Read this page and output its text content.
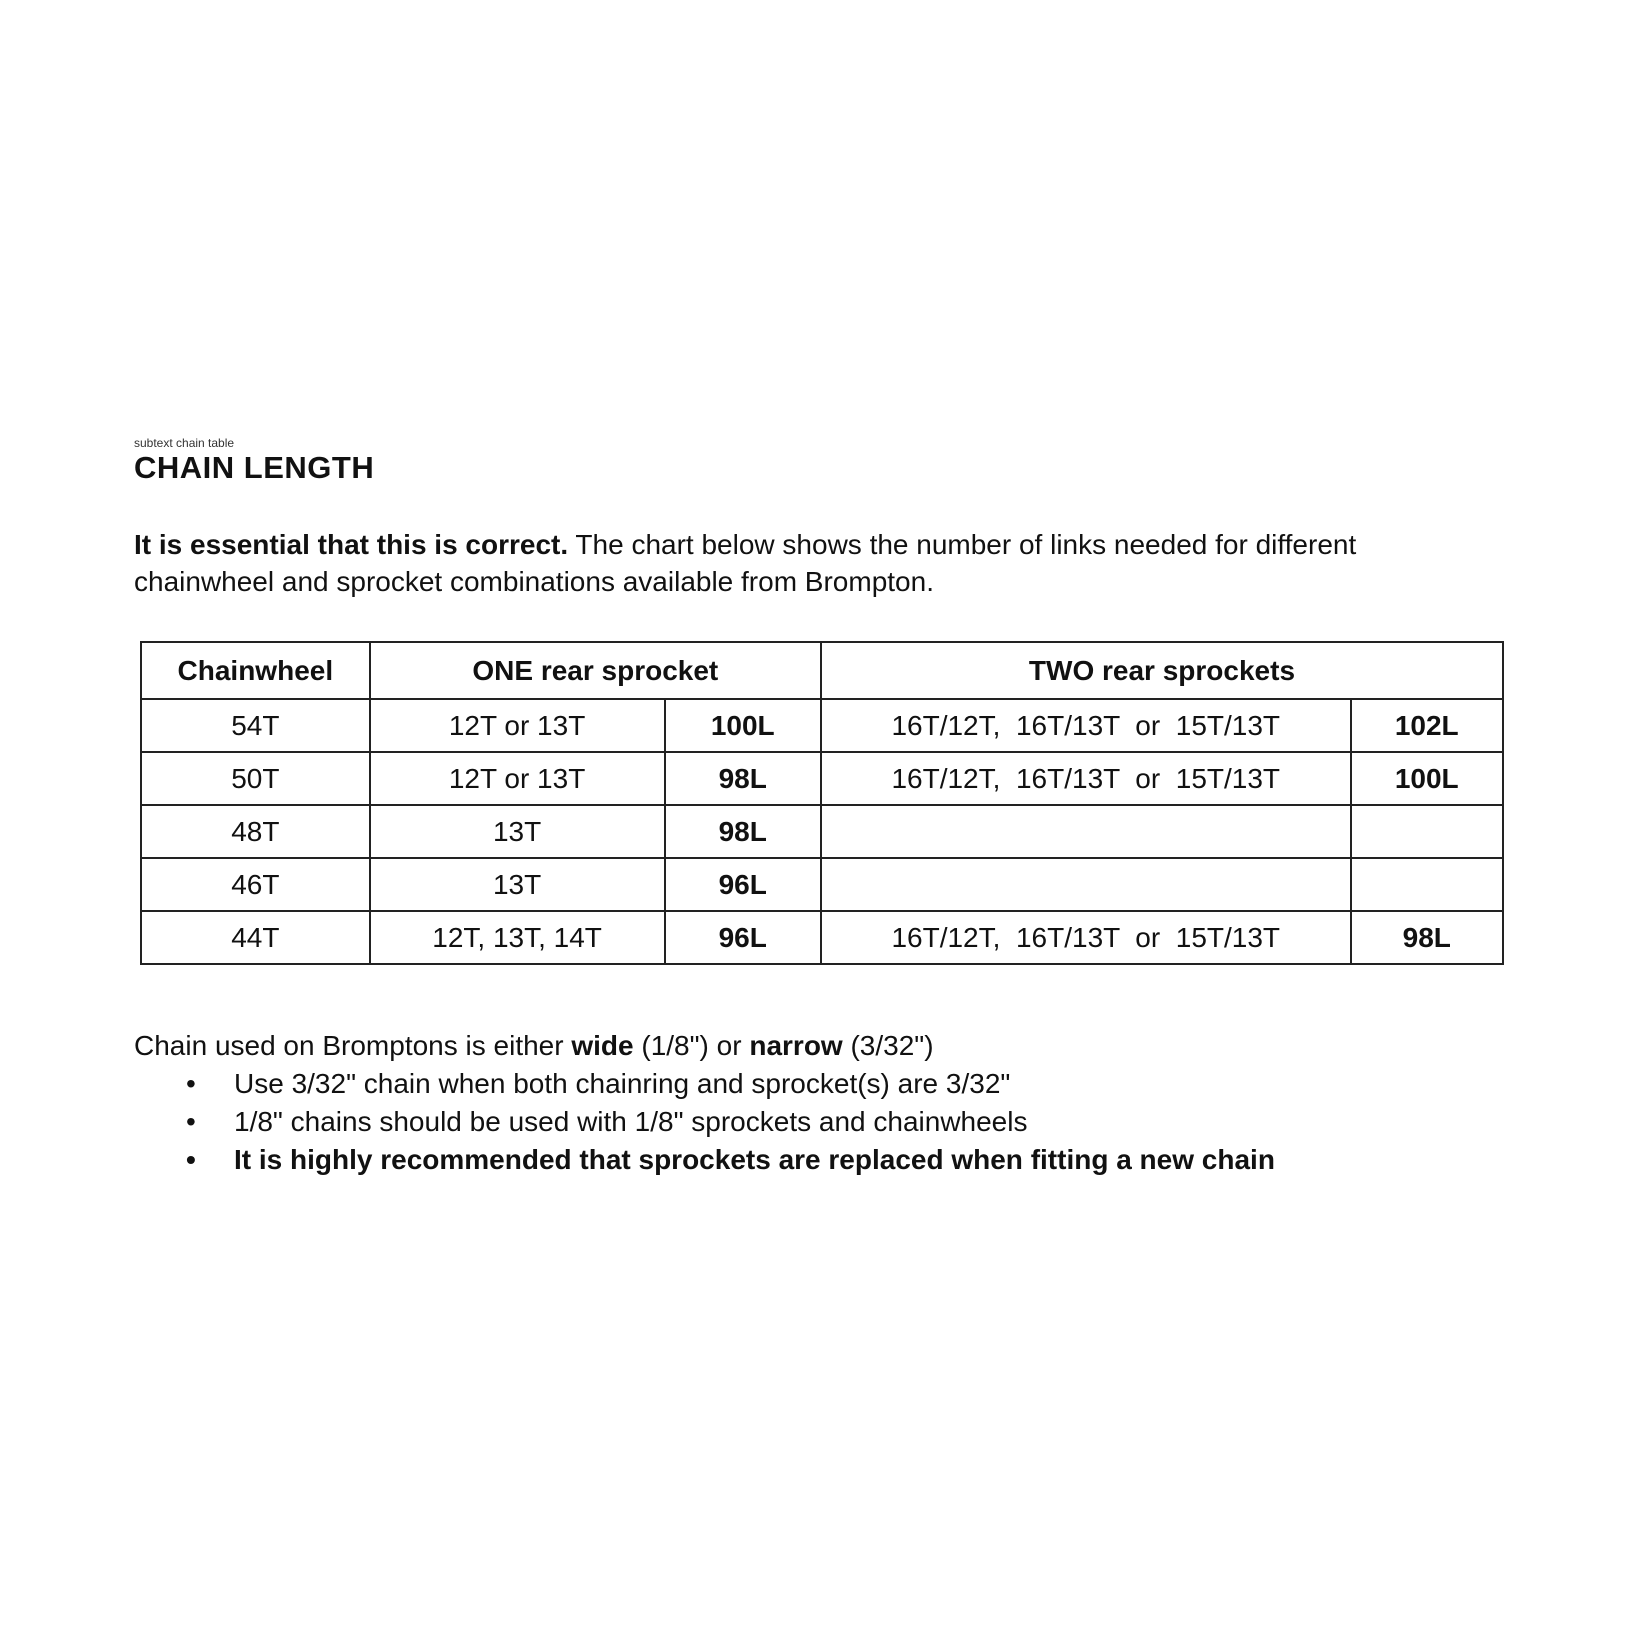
subtext chain table

CHAIN LENGTH
It is essential that this is correct. The chart below shows the number of links needed for different chainwheel and sprocket combinations available from Brompton.
Chainwheel	ONE rear sprocket		TWO rear sprockets	
54T	12T or 13T	100L	16T/12T,  16T/13T  or  15T/13T	102L
50T	12T or 13T	98L	16T/12T,  16T/13T  or  15T/13T	100L
48T	13T	98L		
46T	13T	96L		
44T	12T, 13T, 14T	96L	16T/12T,  16T/13T  or  15T/13T	98L
Chain used on Bromptons is either wide (1/8") or narrow (3/32")
• Use 3/32" chain when both chainring and sprocket(s) are 3/32"
• 1/8" chains should be used with 1/8" sprockets and chainwheels
• It is highly recommended that sprockets are replaced when fitting a new chain
